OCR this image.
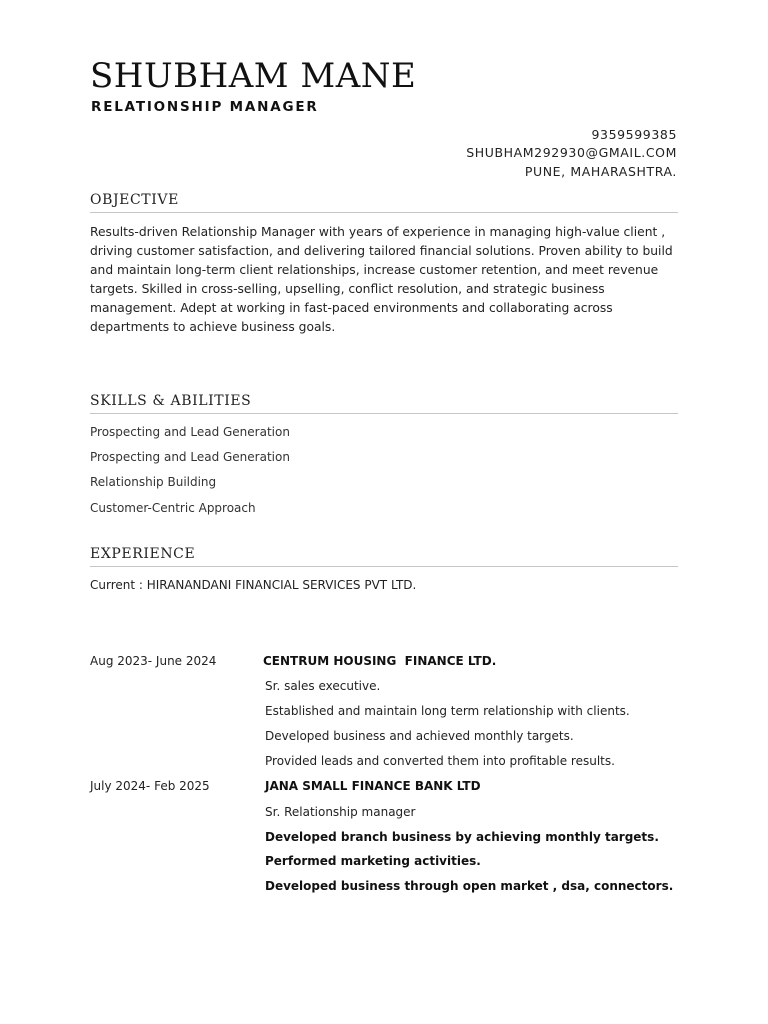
SHUBHAM MANE
RELATIONSHIP MANAGER
9359599385
SHUBHAM292930@GMAIL.COM
PUNE, MAHARASHTRA.
OBJECTIVE
Results-driven Relationship Manager with years of experience in managing high-value client ,
driving customer satisfaction, and delivering tailored financial solutions. Proven ability to build
and maintain long-term client relationships, increase customer retention, and meet revenue
targets. Skilled in cross-selling, upselling, conflict resolution, and strategic business
management. Adept at working in fast-paced environments and collaborating across
departments to achieve business goals.
SKILLS & ABILITIES
Prospecting and Lead Generation
Prospecting and Lead Generation
Relationship Building
Customer-Centric Approach
EXPERIENCE
Current : HIRANANDANI FINANCIAL SERVICES PVT LTD.
Aug 2023- June 2024	CENTRUM HOUSING  FINANCE LTD.
Sr. sales executive.
Established and maintain long term relationship with clients.
Developed business and achieved monthly targets.
Provided leads and converted them into profitable results.
July 2024- Feb 2025	JANA SMALL FINANCE BANK LTD
Sr. Relationship manager
Developed branch business by achieving monthly targets.
Performed marketing activities.
Developed business through open market , dsa, connectors.
